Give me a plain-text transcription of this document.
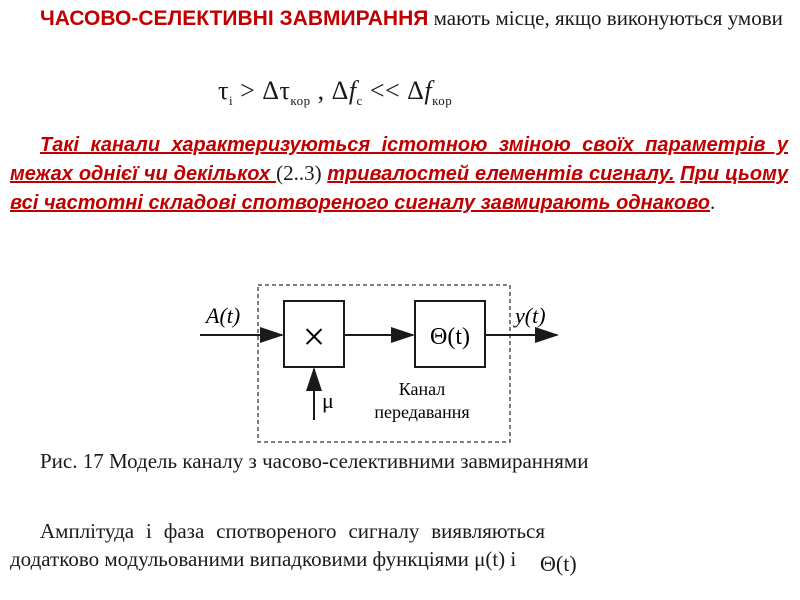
ЧАСОВО-СЕЛЕКТИВНІ ЗАВМИРАННЯ мають місце, якщо виконуються умови
$\tau_i > \Delta\tau_{кор}$ , $\Delta f_c << \Delta f_{кор}$
Такі канали характеризуються істотною зміною своїх параметрів у межах однієї чи декількох (2..3) тривалостей елементів сигналу. При цьому всі частотні складові спотвореного сигналу завмирають однаково.
×	Θ(t)
A(t)	y(t)
μ	Канал
передавання
Рис. 17 Модель каналу з часово-селективними завмираннями
Амплітуда і фаза спотвореного сигналу виявляються додатково модульованими випадковими функціями μ(t) і	Θ(t)
